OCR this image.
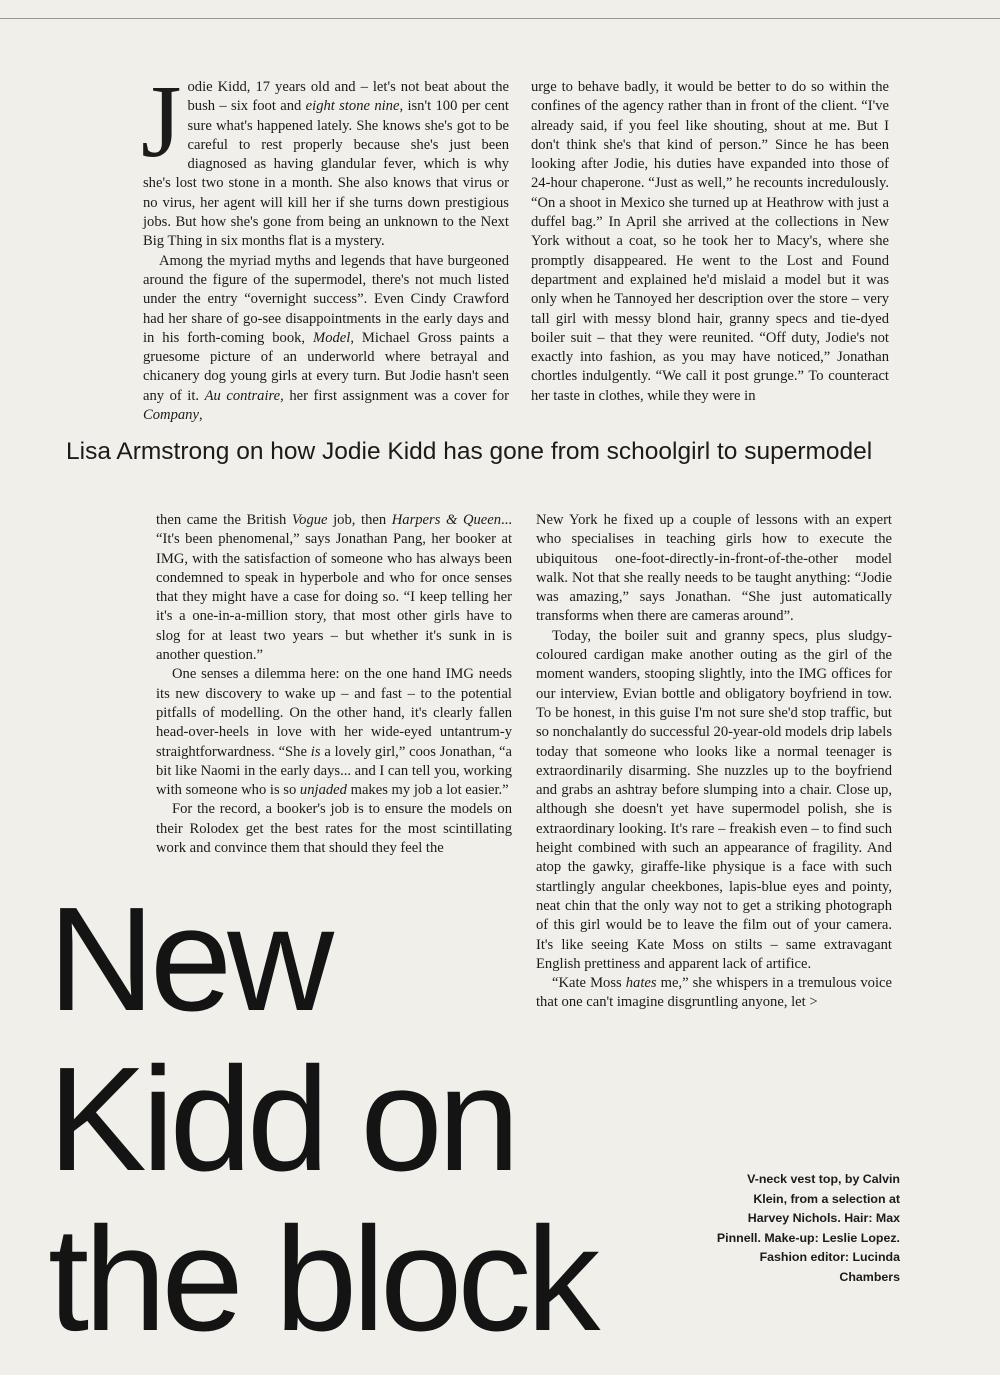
Jodie Kidd, 17 years old and – let's not beat about the bush – six foot and eight stone nine, isn't 100 per cent sure what's happened lately. She knows she's got to be careful to rest properly because she's just been diagnosed as having glandular fever, which is why she's lost two stone in a month. She also knows that virus or no virus, her agent will kill her if she turns down prestigious jobs. But how she's gone from being an unknown to the Next Big Thing in six months flat is a mystery.

Among the myriad myths and legends that have burgeoned around the figure of the supermodel, there's not much listed under the entry “overnight success”. Even Cindy Crawford had her share of go-see disappointments in the early days and in his forth-coming book, Model, Michael Gross paints a gruesome picture of an underworld where betrayal and chicanery dog young girls at every turn. But Jodie hasn't seen any of it. Au contraire, her first assignment was a cover for Company,

urge to behave badly, it would be better to do so within the confines of the agency rather than in front of the client. “I've already said, if you feel like shouting, shout at me. But I don't think she's that kind of person.” Since he has been looking after Jodie, his duties have expanded into those of 24-hour chaperone. “Just as well,” he recounts incredulously. “On a shoot in Mexico she turned up at Heathrow with just a duffel bag.” In April she arrived at the collections in New York without a coat, so he took her to Macy's, where she promptly disappeared. He went to the Lost and Found department and explained he'd mislaid a model but it was only when he Tannoyed her description over the store – very tall girl with messy blond hair, granny specs and tie-dyed boiler suit – that they were reunited. “Off duty, Jodie's not exactly into fashion, as you may have noticed,” Jonathan chortles indulgently. “We call it post grunge.” To counteract her taste in clothes, while they were in

Lisa Armstrong on how Jodie Kidd has gone from schoolgirl to supermodel

then came the British Vogue job, then Harpers & Queen... “It's been phenomenal,” says Jonathan Pang, her booker at IMG, with the satisfaction of someone who has always been condemned to speak in hyperbole and who for once senses that they might have a case for doing so. “I keep telling her it's a one-in-a-million story, that most other girls have to slog for at least two years – but whether it's sunk in is another question.”

One senses a dilemma here: on the one hand IMG needs its new discovery to wake up – and fast – to the potential pitfalls of modelling. On the other hand, it's clearly fallen head-over-heels in love with her wide-eyed untantrum-y straightforwardness. “She is a lovely girl,” coos Jonathan, “a bit like Naomi in the early days... and I can tell you, working with someone who is so unjaded makes my job a lot easier.”

For the record, a booker's job is to ensure the models on their Rolodex get the best rates for the most scintillating work and convince them that should they feel the

New York he fixed up a couple of lessons with an expert who specialises in teaching girls how to execute the ubiquitous one-foot-directly-in-front-of-the-other model walk. Not that she really needs to be taught anything: “Jodie was amazing,” says Jonathan. “She just automatically transforms when there are cameras around”.

Today, the boiler suit and granny specs, plus sludgy-coloured cardigan make another outing as the girl of the moment wanders, stooping slightly, into the IMG offices for our interview, Evian bottle and obligatory boyfriend in tow. To be honest, in this guise I'm not sure she'd stop traffic, but so nonchalantly do successful 20-year-old models drip labels today that someone who looks like a normal teenager is extraordinarily disarming. She nuzzles up to the boyfriend and grabs an ashtray before slumping into a chair. Close up, although she doesn't yet have supermodel polish, she is extraordinary looking. It's rare – freakish even – to find such height combined with such an appearance of fragility. And atop the gawky, giraffe-like physique is a face with such startlingly angular cheekbones, lapis-blue eyes and pointy, neat chin that the only way not to get a striking photograph of this girl would be to leave the film out of your camera. It's like seeing Kate Moss on stilts – same extravagant English prettiness and apparent lack of artifice.

“Kate Moss hates me,” she whispers in a tremulous voice that one can't imagine disgruntling anyone, let >

New
Kidd on
the block
V-neck vest top, by Calvin Klein, from a selection at Harvey Nichols. Hair: Max Pinnell. Make-up: Leslie Lopez. Fashion editor: Lucinda Chambers
